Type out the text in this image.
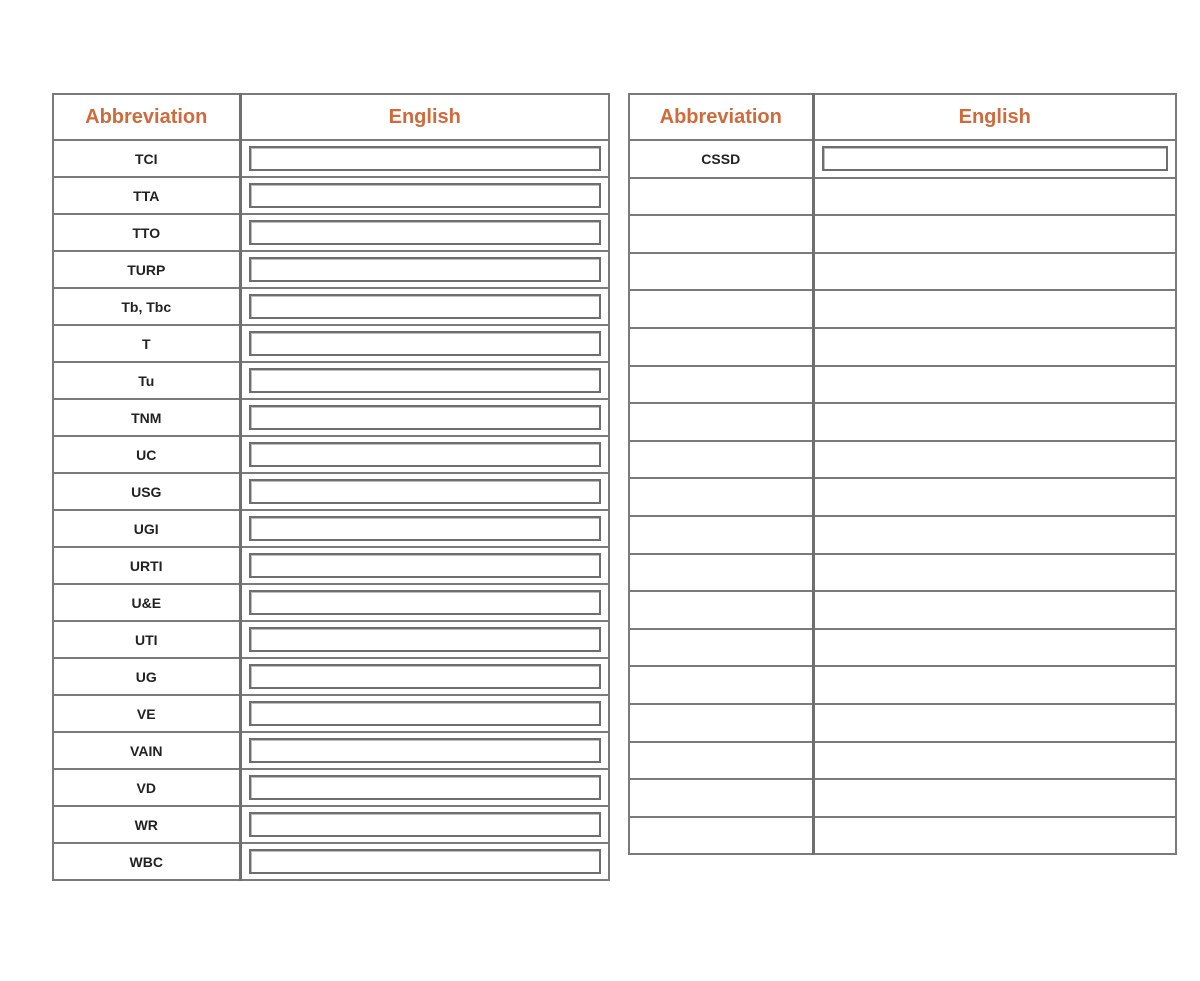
Abbreviation	English
TCI	

TTA	

TTO	

TURP	

Tb, Tbc	

T	

Tu	

TNM	

UC	

USG	

UGI	

URTI	

U&E	

UTI	

UG	

VE	

VAIN	

VD	

WR	

WBC	
Abbreviation	English
CSSD	
